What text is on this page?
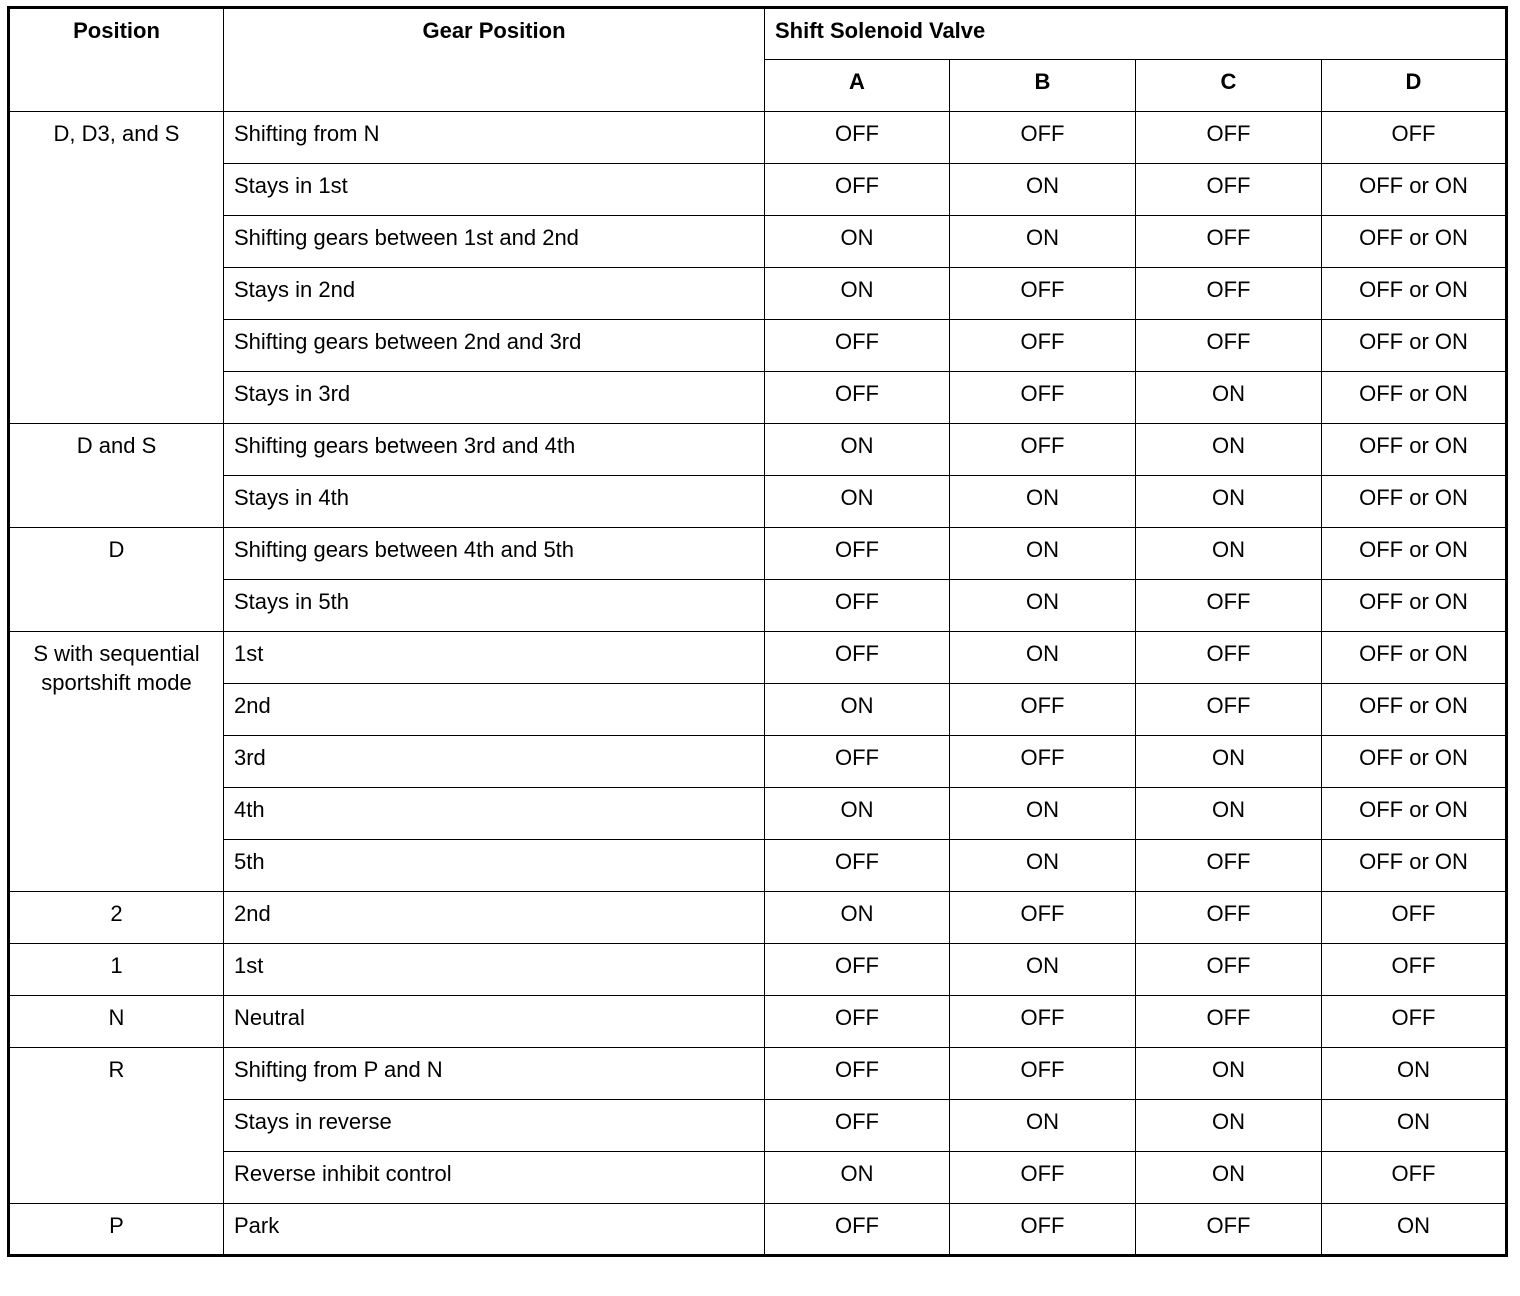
Position	Gear Position	Shift Solenoid Valve			
		A	B	C	D
D, D3, and S	Shifting from N	OFF	OFF	OFF	OFF
	Stays in 1st	OFF	ON	OFF	OFF or ON
	Shifting gears between 1st and 2nd	ON	ON	OFF	OFF or ON
	Stays in 2nd	ON	OFF	OFF	OFF or ON
	Shifting gears between 2nd and 3rd	OFF	OFF	OFF	OFF or ON
	Stays in 3rd	OFF	OFF	ON	OFF or ON
D and S	Shifting gears between 3rd and 4th	ON	OFF	ON	OFF or ON
	Stays in 4th	ON	ON	ON	OFF or ON
D	Shifting gears between 4th and 5th	OFF	ON	ON	OFF or ON
	Stays in 5th	OFF	ON	OFF	OFF or ON
S with sequential sportshift mode	1st	OFF	ON	OFF	OFF or ON
	2nd	ON	OFF	OFF	OFF or ON
	3rd	OFF	OFF	ON	OFF or ON
	4th	ON	ON	ON	OFF or ON
	5th	OFF	ON	OFF	OFF or ON
2	2nd	ON	OFF	OFF	OFF
1	1st	OFF	ON	OFF	OFF
N	Neutral	OFF	OFF	OFF	OFF
R	Shifting from P and N	OFF	OFF	ON	ON
	Stays in reverse	OFF	ON	ON	ON
	Reverse inhibit control	ON	OFF	ON	OFF
P	Park	OFF	OFF	OFF	ON
